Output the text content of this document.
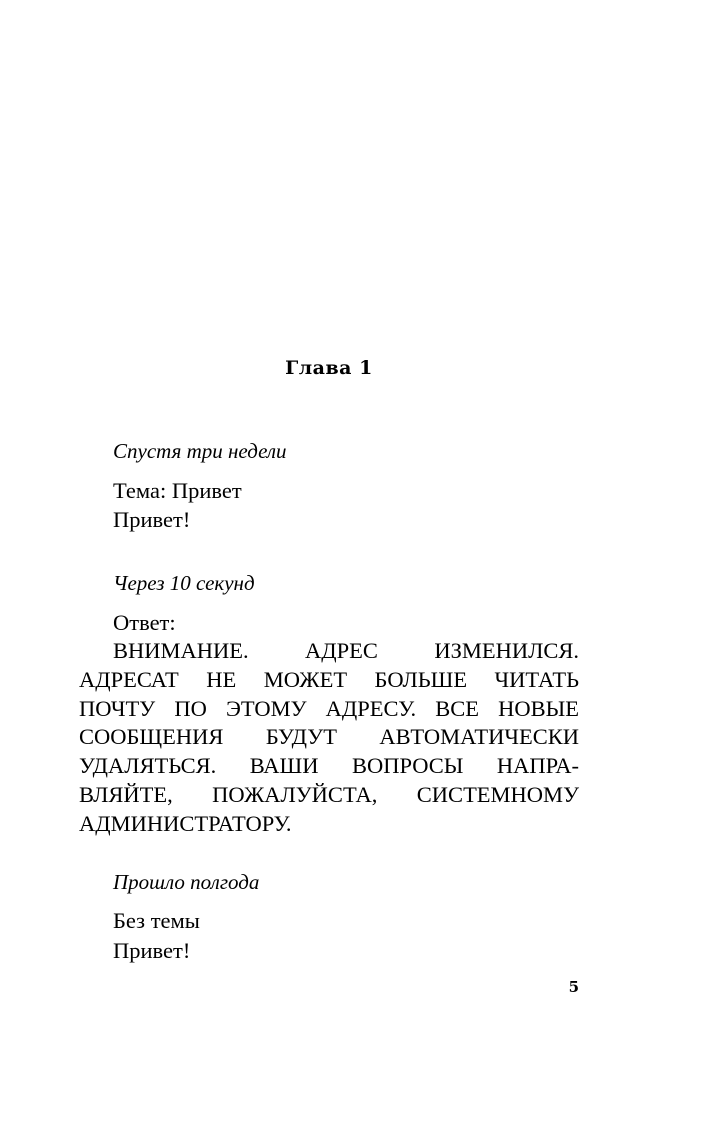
Глава 1
Спустя три недели
Тема: Привет
Привет!
Через 10 секунд
Ответ:
ВНИМАНИЕ. АДРЕС ИЗМЕНИЛСЯ.
АДРЕСАТ НЕ МОЖЕТ БОЛЬШЕ ЧИТАТЬ
ПОЧТУ ПО ЭТОМУ АДРЕСУ. ВСЕ НОВЫЕ
СООБЩЕНИЯ БУДУТ АВТОМАТИЧЕСКИ
УДАЛЯТЬСЯ. ВАШИ ВОПРОСЫ НАПРА-
ВЛЯЙТЕ, ПОЖАЛУЙСТА, СИСТЕМНОМУ
АДМИНИСТРАТОРУ.
Прошло полгода
Без темы
Привет!
5
